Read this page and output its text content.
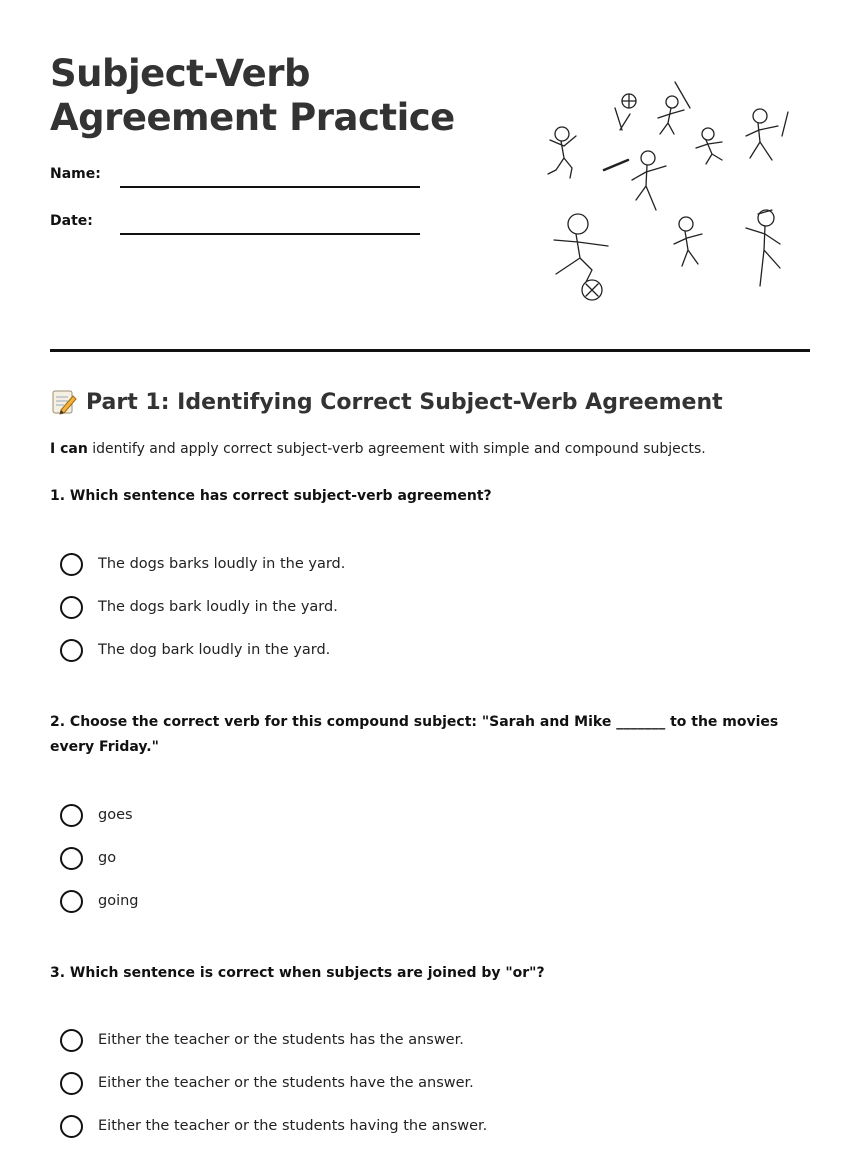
Subject-Verb
Agreement Practice
Name:
Date:
Part 1: Identifying Correct Subject-Verb Agreement
I can identify and apply correct subject-verb agreement with simple and compound subjects.
1. Which sentence has correct subject-verb agreement?
The dogs barks loudly in the yard.
The dogs bark loudly in the yard.
The dog bark loudly in the yard.
2. Choose the correct verb for this compound subject: "Sarah and Mike _______ to the movies every Friday."
goes
go
going
3. Which sentence is correct when subjects are joined by "or"?
Either the teacher or the students has the answer.
Either the teacher or the students have the answer.
Either the teacher or the students having the answer.
